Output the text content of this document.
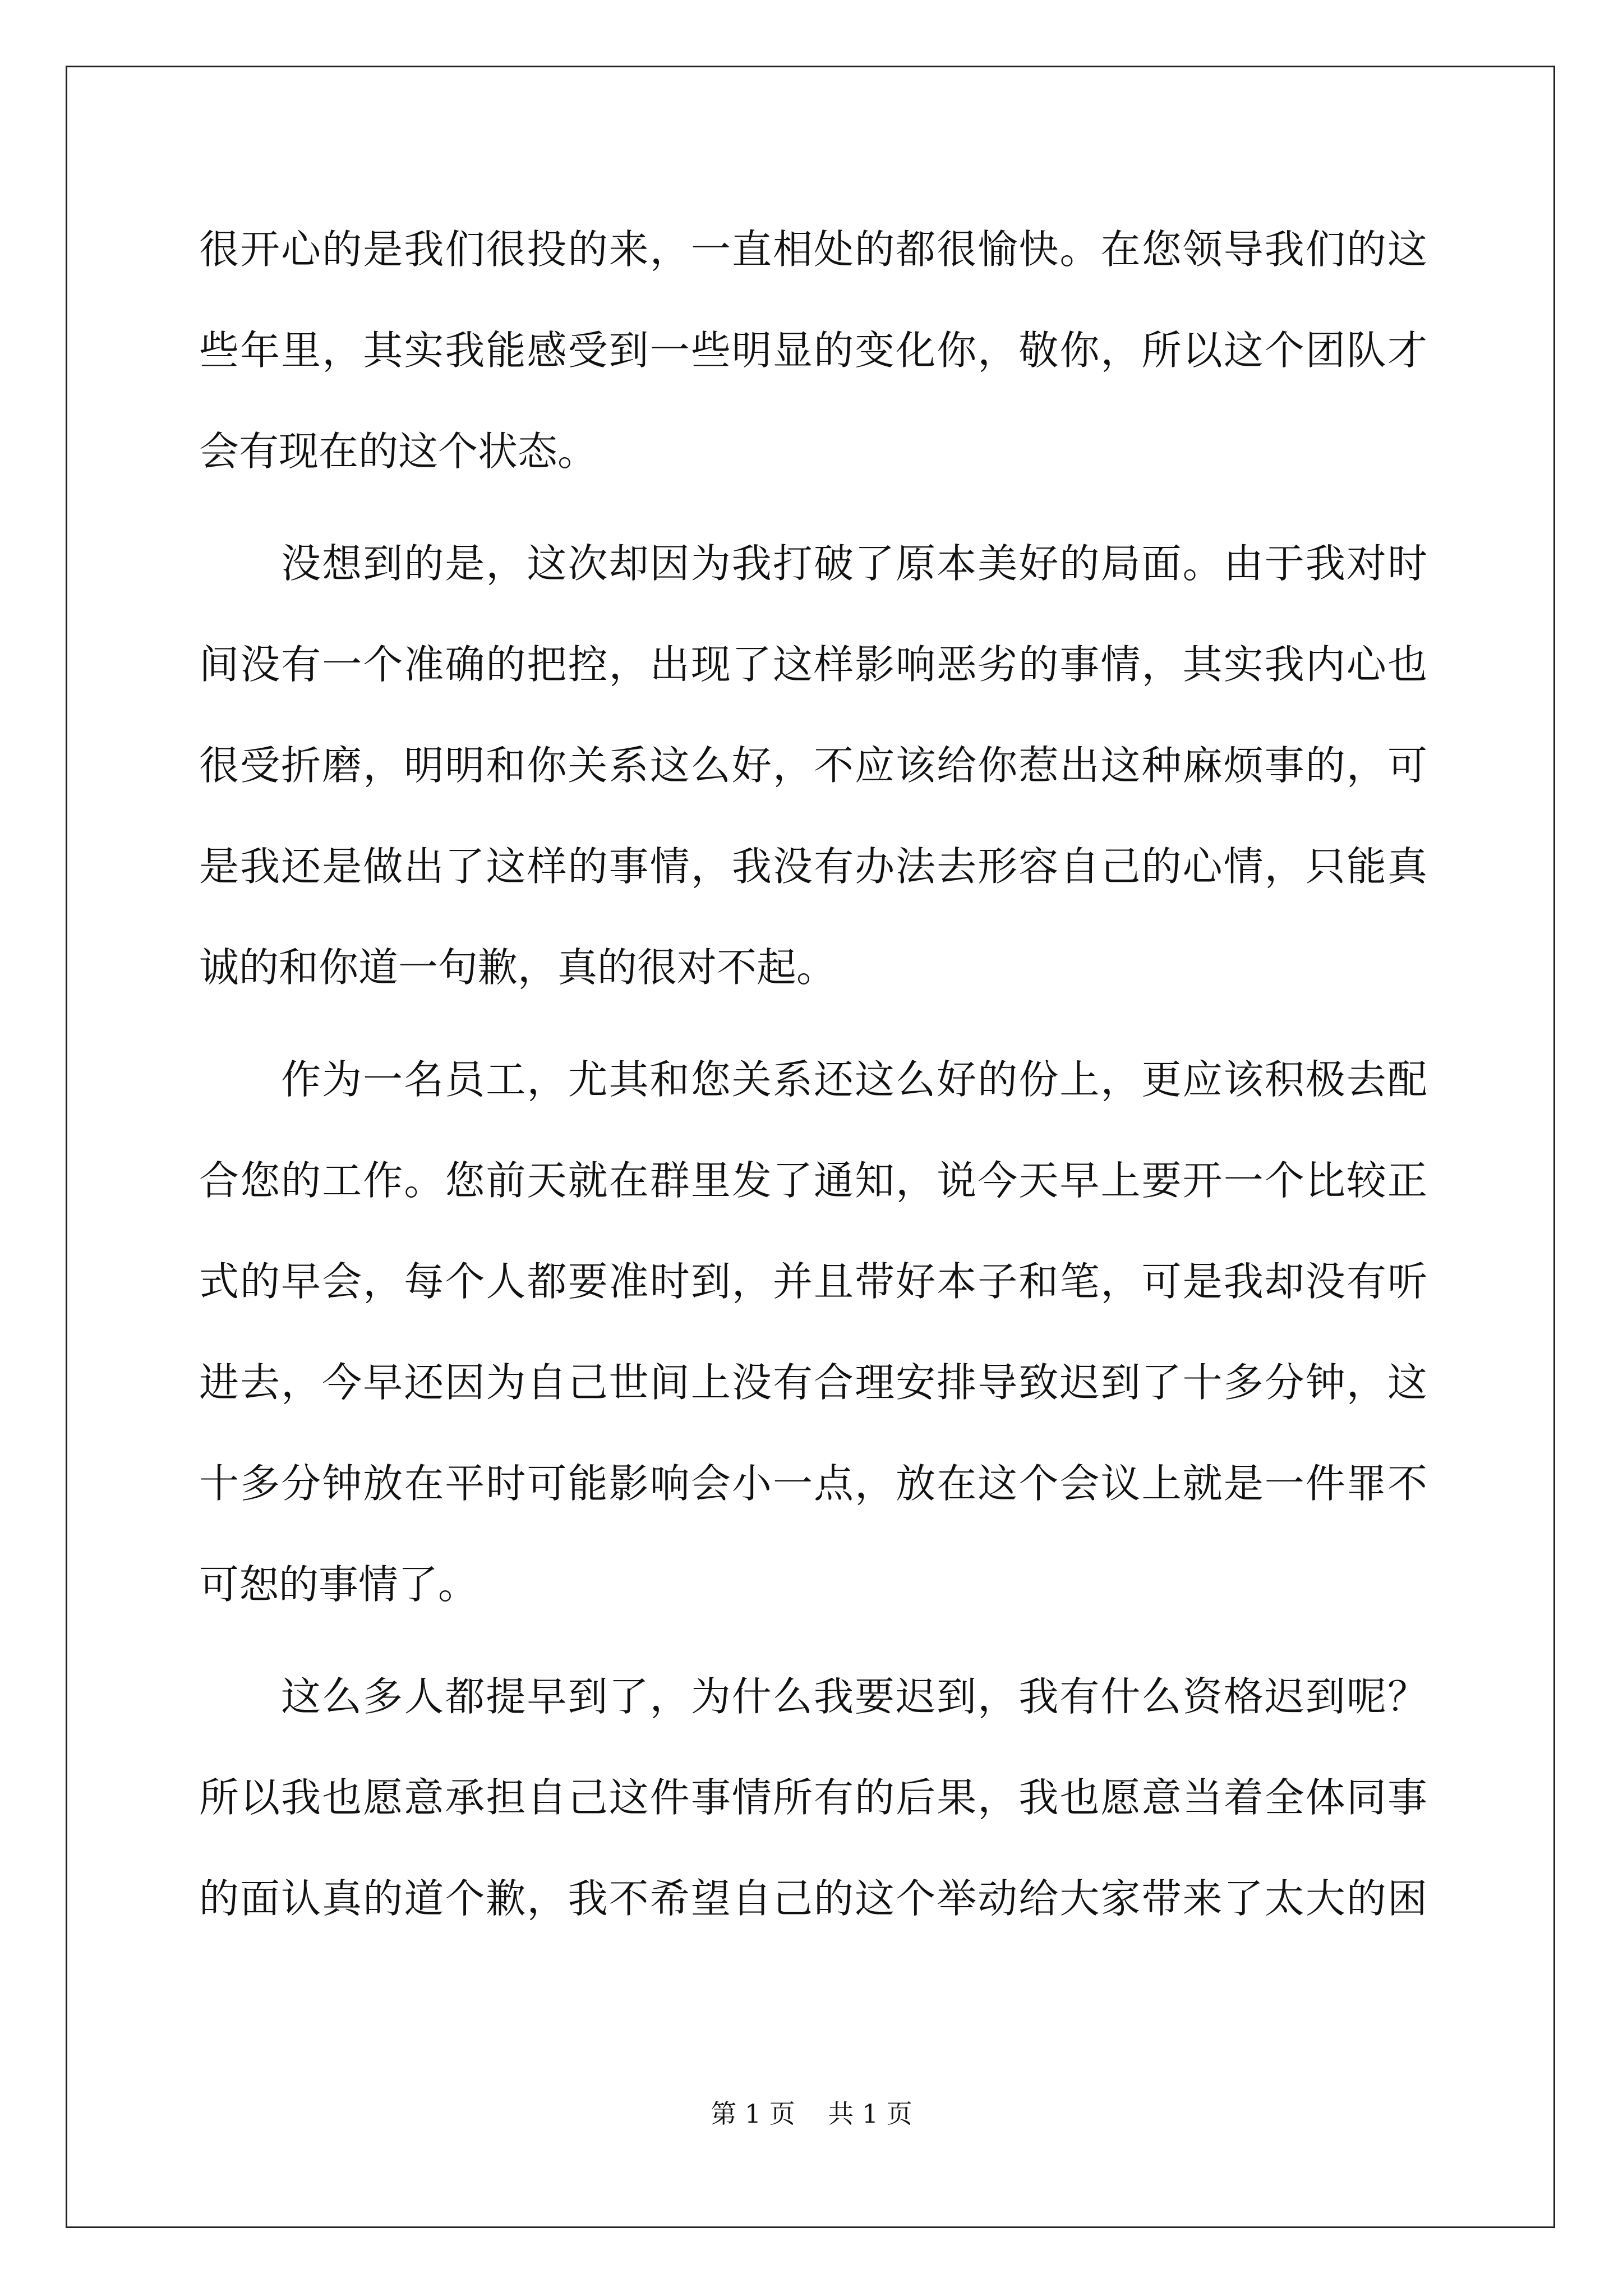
很开心的是我们很投的来，一直相处的都很愉快。在您领导我们的这
些年里，其实我能感受到一些明显的变化你，敬你，所以这个团队才
会有现在的这个状态。
没想到的是，这次却因为我打破了原本美好的局面。由于我对时
间没有一个准确的把控，出现了这样影响恶劣的事情，其实我内心也
很受折磨，明明和你关系这么好，不应该给你惹出这种麻烦事的，可
是我还是做出了这样的事情，我没有办法去形容自己的心情，只能真
诚的和你道一句歉，真的很对不起。
作为一名员工，尤其和您关系还这么好的份上，更应该积极去配
合您的工作。您前天就在群里发了通知，说今天早上要开一个比较正
式的早会，每个人都要准时到，并且带好本子和笔，可是我却没有听
进去，今早还因为自己世间上没有合理安排导致迟到了十多分钟，这
十多分钟放在平时可能影响会小一点，放在这个会议上就是一件罪不
可恕的事情了。
这么多人都提早到了，为什么我要迟到，我有什么资格迟到呢？
所以我也愿意承担自己这件事情所有的后果，我也愿意当着全体同事
的面认真的道个歉，我不希望自己的这个举动给大家带来了太大的困
第 1 页    共 1 页
